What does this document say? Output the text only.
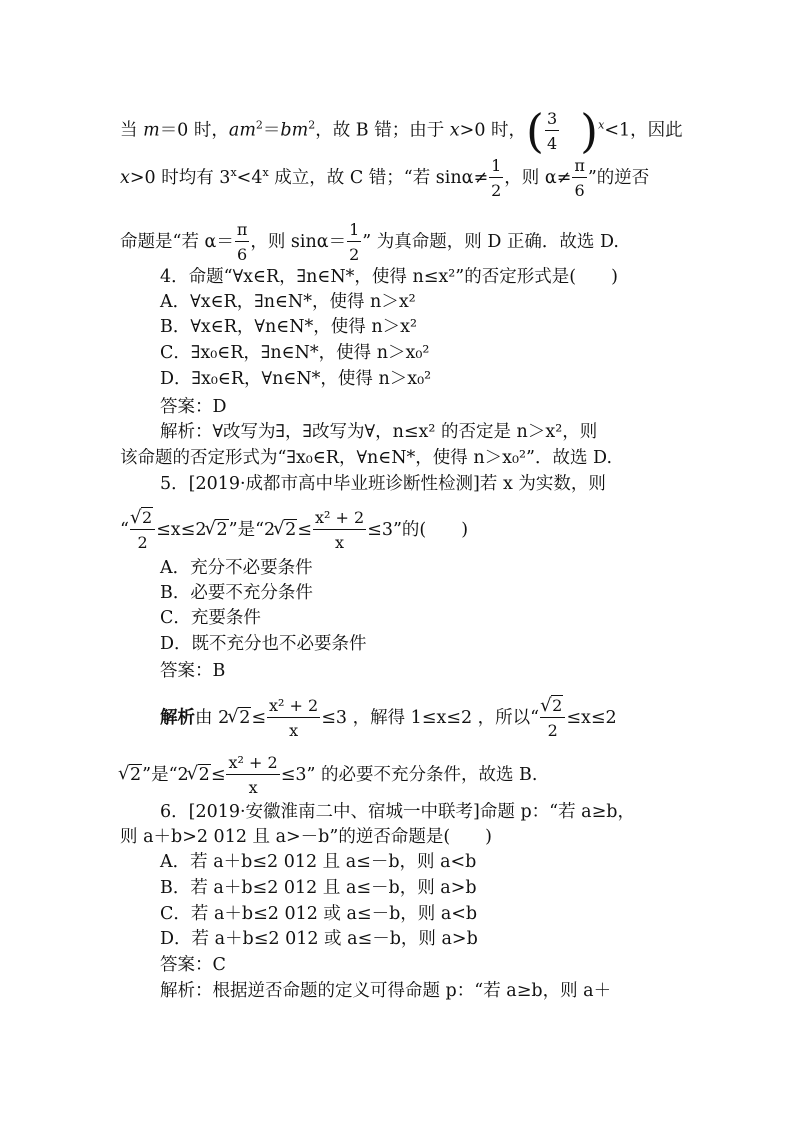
当 m＝0 时，$am^2=bm^2$，故 B 错；由于 x>0 时，( $\frac{3}{4} )^x<1$，因此
x>0 时均有 $3^x<4^x$ 成立，故 C 错；“若 $\sin\alpha\ne \frac{1}{2}$ ，则 $\alpha\ne \frac{\pi}{6}$ ”的逆否
命题是“若 $\alpha= \frac{\pi}{6}$ ，则 $\sin\alpha= \frac{1}{2}$ ” 为真命题，则 D 正确．故选 D.
4．命题“∀x∈R，∃n∈N*，使得 n≤x²”的否定形式是(　　)
A．∀x∈R，∃n∈N*，使得 n＞x²
B．∀x∈R，∀n∈N*，使得 n＞x²
C．∃x₀∈R，∃n∈N*，使得 n＞x₀²
D．∃x₀∈R，∀n∈N*，使得 n＞x₀²
答案：D
解析：∀改写为∃，∃改写为∀，n≤x² 的否定是 n＞x²，则
该命题的否定形式为“∃x₀∈R，∀n∈N*，使得 n＞x₀²”．故选 D.
5．[2019·成都市高中毕业班诊断性检测]若 x 为实数，则
“
√ $\frac{2}{2} \le x\le 2√$ 2”是“2√ $2\le \frac{\text{x² + 2}}{x} \le 3$”的(　　)
A．充分不必要条件
B．必要不充分条件
C．充要条件
D．既不充分也不必要条件
答案：B
解析由 2√ $2\le \frac{\text{x² + 2}}{x} \le 3$ ，解得 1≤x≤2 ，所以“
√ $\frac{2}{2} \le x\le 2$
√ 2”是“2√ $2\le \frac{\text{x² + 2}}{x} \le 3$” 的必要不充分条件，故选 B.
6．[2019·安徽淮南二中、宿城一中联考]命题 p：“若 a≥b，
则 a＋b>2 012 且 a>－b”的逆否命题是(　　)
A．若 a＋b≤2 012 且 a≤－b，则 a<b
B．若 a＋b≤2 012 且 a≤－b，则 a>b
C．若 a＋b≤2 012 或 a≤－b，则 a<b
D．若 a＋b≤2 012 或 a≤－b，则 a>b
答案：C
解析：根据逆否命题的定义可得命题 p：“若 a≥b，则 a＋
